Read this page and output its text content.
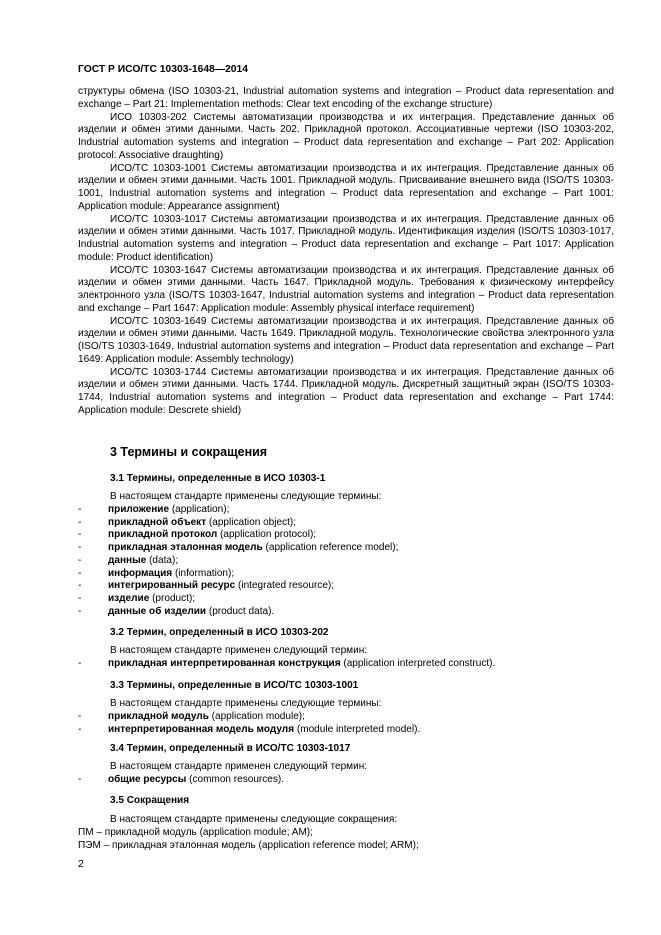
ГОСТ Р ИСО/ТС 10303-1648—2014

структуры обмена (ISO 10303-21, Industrial automation systems and integration – Product data representation and exchange – Part 21: Implementation methods: Clear text encoding of the exchange structure)

ИСО 10303-202 Системы автоматизации производства и их интеграция. Представление данных об изделии и обмен этими данными. Часть 202. Прикладной протокол. Ассоциативные чертежи (ISO 10303-202, Industrial automation systems and integration – Product data representation and exchange – Part 202: Application protocol: Associative draughting)

ИСО/ТС 10303-1001 Системы автоматизации производства и их интеграция. Представление данных об изделии и обмен этими данными. Часть 1001. Прикладной модуль. Присваивание внешнего вида (ISO/TS 10303-1001, Industrial automation systems and integration – Product data representation and exchange – Part 1001: Application module: Appearance assignment)

ИСО/ТС 10303-1017 Системы автоматизации производства и их интеграция. Представление данных об изделии и обмен этими данными. Часть 1017. Прикладной модуль. Идентификация изделия (ISO/TS 10303-1017, Industrial automation systems and integration – Product data representation and exchange – Part 1017: Application module: Product identification)

ИСО/ТС 10303-1647 Системы автоматизации производства и их интеграция. Представление данных об изделии и обмен этими данными. Часть 1647. Прикладной модуль. Требования к физическому интерфейсу электронного узла (ISO/TS 10303-1647, Industrial automation systems and integration – Product data representation and exchange – Part 1647: Application module: Assembly physical interface requirement)

ИСО/ТС 10303-1649 Системы автоматизации производства и их интеграция. Представление данных об изделии и обмен этими данными. Часть 1649. Прикладной модуль. Технологические свойства электронного узла (ISO/TS 10303-1649, Industrial automation systems and integration – Product data representation and exchange – Part 1649: Application module: Assembly technology)

ИСО/ТС 10303-1744 Системы автоматизации производства и их интеграция. Представление данных об изделии и обмен этими данными. Часть 1744. Прикладной модуль. Дискретный защитный экран (ISO/TS 10303-1744, Industrial automation systems and integration – Product data representation and exchange – Part 1744: Application module: Descrete shield)

3 Термины и сокращения
3.1 Термины, определенные в ИСО 10303-1
В настоящем стандарте применены следующие термины:
-	приложение (application);
-	прикладной объект (application object);
-	прикладной протокол (application protocol);
-	прикладная эталонная модель (application reference model);
-	данные (data);
-	информация (information);
-	интегрированный ресурс (integrated resource);
-	изделие (product);
-	данные об изделии (product data).
3.2 Термин, определенный в ИСО 10303-202
В настоящем стандарте применен следующий термин:
-	прикладная интерпретированная конструкция (application interpreted construct).
3.3 Термины, определенные в ИСО/ТС 10303-1001
В настоящем стандарте применены следующие термины:
-	прикладной модуль (application module);
-	интерпретированная модель модуля (module interpreted model).
3.4 Термин, определенный в ИСО/ТС 10303-1017
В настоящем стандарте применен следующий термин:
-	общие ресурсы (common resources).
3.5 Сокращения
В настоящем стандарте применены следующие сокращения:
ПМ – прикладной модуль (application module; AM);
ПЭМ – прикладная эталонная модель (application reference model; ARM);
2
